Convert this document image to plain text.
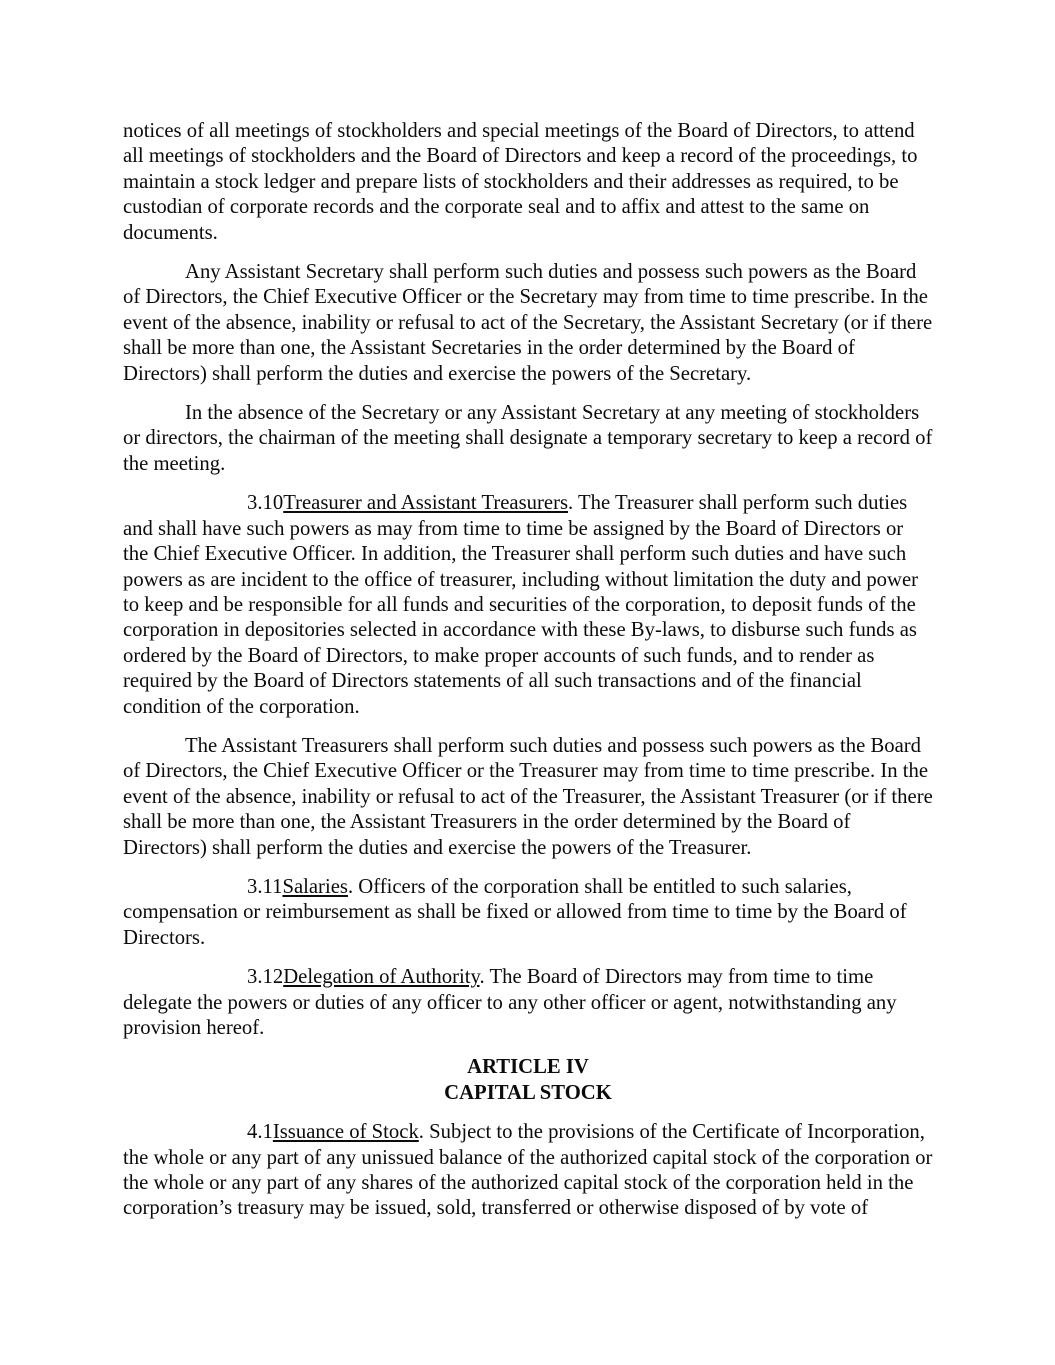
notices of all meetings of stockholders and special meetings of the Board of Directors, to attend all meetings of stockholders and the Board of Directors and keep a record of the proceedings, to maintain a stock ledger and prepare lists of stockholders and their addresses as required, to be custodian of corporate records and the corporate seal and to affix and attest to the same on documents.

Any Assistant Secretary shall perform such duties and possess such powers as the Board of Directors, the Chief Executive Officer or the Secretary may from time to time prescribe. In the event of the absence, inability or refusal to act of the Secretary, the Assistant Secretary (or if there shall be more than one, the Assistant Secretaries in the order determined by the Board of Directors) shall perform the duties and exercise the powers of the Secretary.

In the absence of the Secretary or any Assistant Secretary at any meeting of stockholders or directors, the chairman of the meeting shall designate a temporary secretary to keep a record of the meeting.

3.10Treasurer and Assistant Treasurers. The Treasurer shall perform such duties and shall have such powers as may from time to time be assigned by the Board of Directors or the Chief Executive Officer. In addition, the Treasurer shall perform such duties and have such powers as are incident to the office of treasurer, including without limitation the duty and power to keep and be responsible for all funds and securities of the corporation, to deposit funds of the corporation in depositories selected in accordance with these By-laws, to disburse such funds as ordered by the Board of Directors, to make proper accounts of such funds, and to render as required by the Board of Directors statements of all such transactions and of the financial condition of the corporation.

The Assistant Treasurers shall perform such duties and possess such powers as the Board of Directors, the Chief Executive Officer or the Treasurer may from time to time prescribe. In the event of the absence, inability or refusal to act of the Treasurer, the Assistant Treasurer (or if there shall be more than one, the Assistant Treasurers in the order determined by the Board of Directors) shall perform the duties and exercise the powers of the Treasurer.

3.11Salaries. Officers of the corporation shall be entitled to such salaries, compensation or reimbursement as shall be fixed or allowed from time to time by the Board of Directors.

3.12Delegation of Authority. The Board of Directors may from time to time delegate the powers or duties of any officer to any other officer or agent, notwithstanding any provision hereof.

ARTICLE IV
CAPITAL STOCK

4.1Issuance of Stock. Subject to the provisions of the Certificate of Incorporation, the whole or any part of any unissued balance of the authorized capital stock of the corporation or the whole or any part of any shares of the authorized capital stock of the corporation held in the corporation’s treasury may be issued, sold, transferred or otherwise disposed of by vote of
